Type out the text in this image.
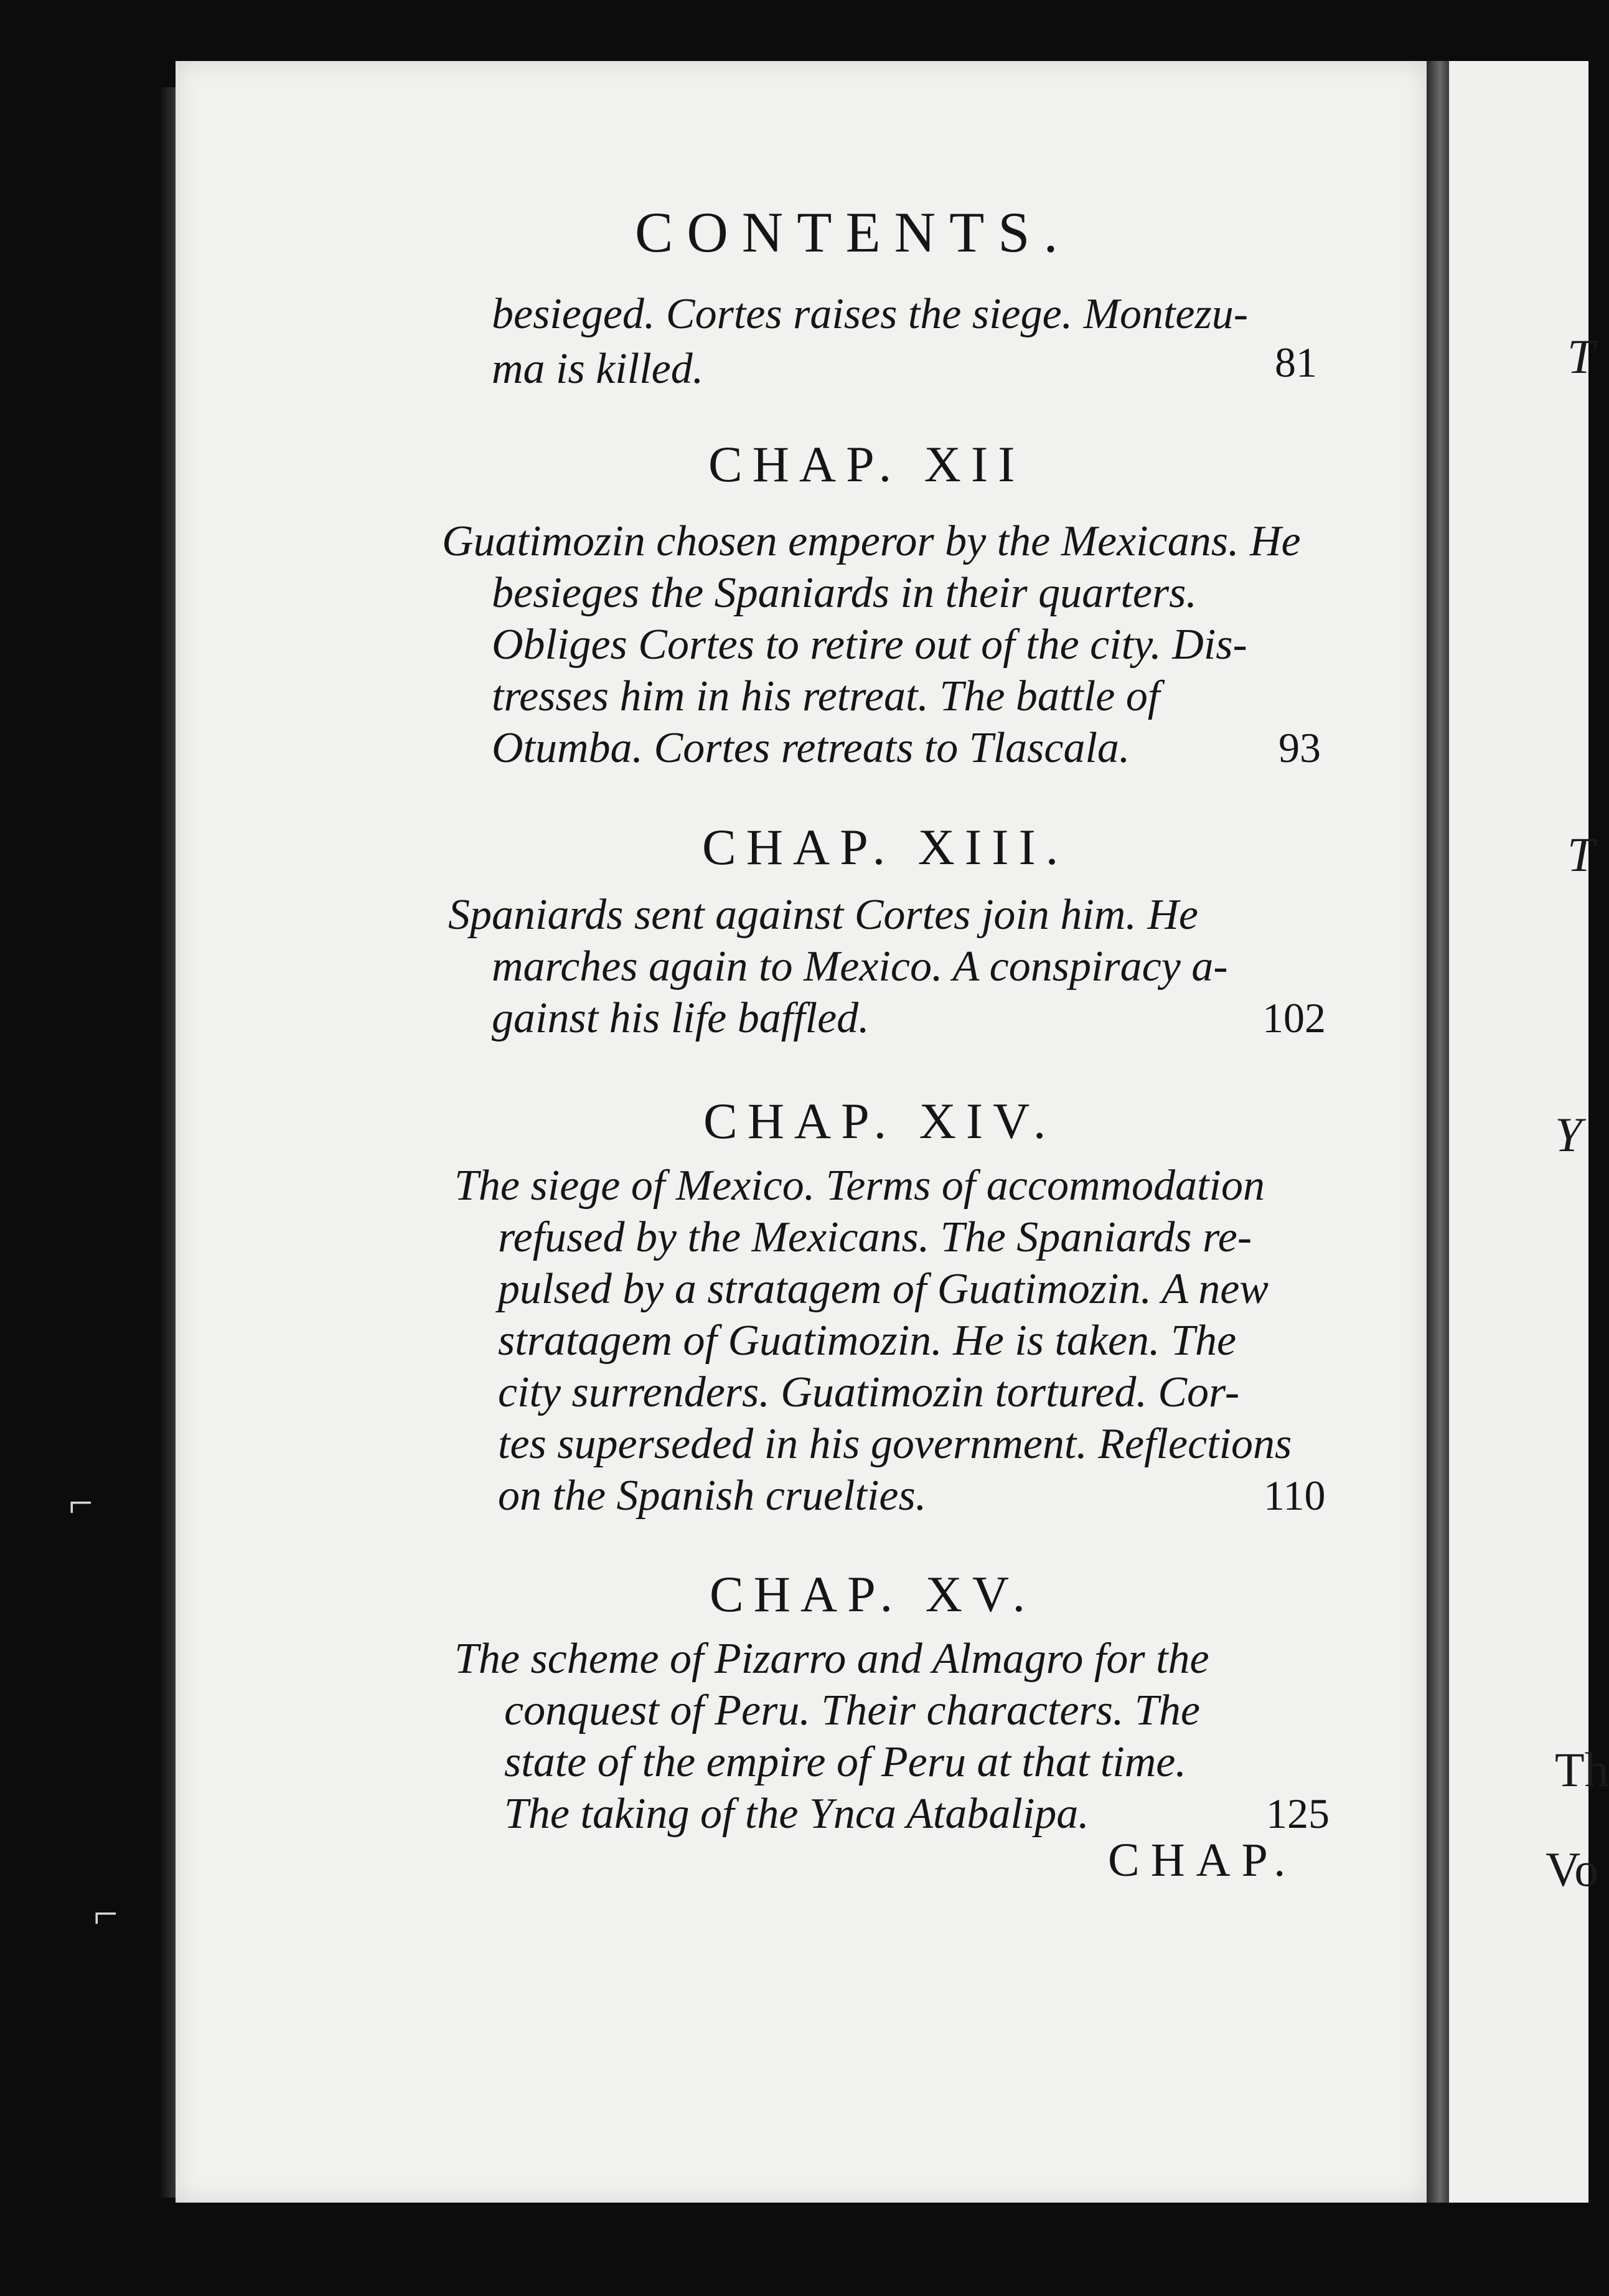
T
T
Y
Th
Vo
⌐
⌐
CONTENTS.
besieged. Cortes raises the siege. Montezu-
ma is killed.	81
CHAP. XII
Guatimozin chosen emperor by the Mexicans. He
besieges the Spaniards in their quarters.
Obliges Cortes to retire out of the city. Dis-
tresses him in his retreat. The battle of
Otumba. Cortes retreats to Tlascala.	93
CHAP. XIII.
Spaniards sent against Cortes join him. He
marches again to Mexico. A conspiracy a-
gainst his life baffled.	102
CHAP. XIV.
The siege of Mexico. Terms of accommodation
refused by the Mexicans. The Spaniards re-
pulsed by a stratagem of Guatimozin. A new
stratagem of Guatimozin. He is taken. The
city surrenders. Guatimozin tortured. Cor-
tes superseded in his government. Reflections
on the Spanish cruelties.	110
CHAP. XV.
The scheme of Pizarro and Almagro for the
conquest of Peru. Their characters. The
state of the empire of Peru at that time.
The taking of the Ynca Atabalipa.	125
CHAP.
